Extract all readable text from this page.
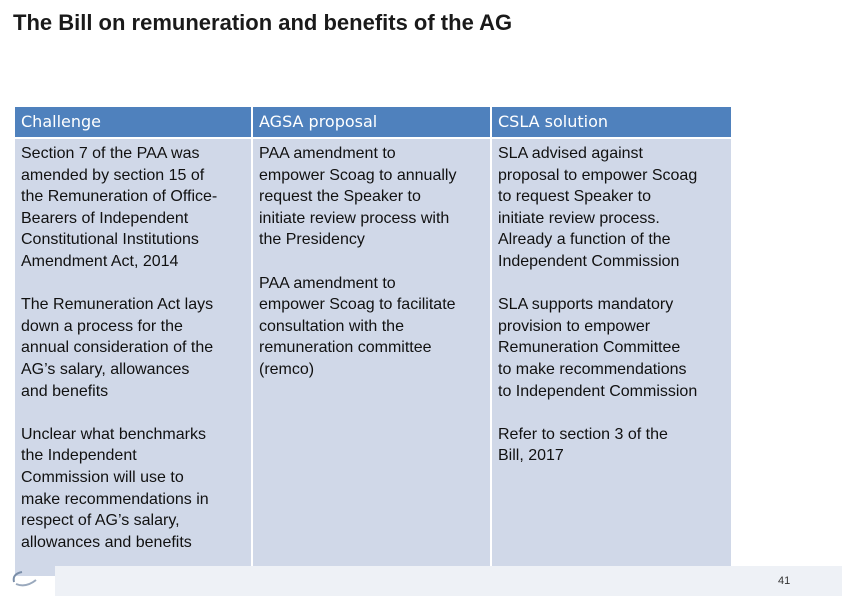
The Bill on remuneration and benefits of the AG
Challenge	AGSA proposal	CSLA solution

Section 7 of the PAA was

amended by section 15 of

the Remuneration of Office-

Bearers of Independent

Constitutional Institutions

Amendment Act, 2014

The Remuneration Act lays

down a process for the

annual consideration of the

AG’s salary, allowances

and benefits

Unclear what benchmarks

the Independent

Commission will use to

make recommendations in

respect of AG’s salary,

allowances and benefits

PAA amendment to

empower Scoag to annually

request the Speaker to

initiate review process with

the Presidency

PAA amendment to

empower Scoag to facilitate

consultation with the

remuneration committee

(remco)

SLA advised against

proposal to empower Scoag

to request Speaker to

initiate review process.

Already a function of the

Independent Commission

SLA supports mandatory

provision to empower

Remuneration Committee

to make recommendations

to Independent Commission

Refer to section 3 of the

Bill, 2017

41
